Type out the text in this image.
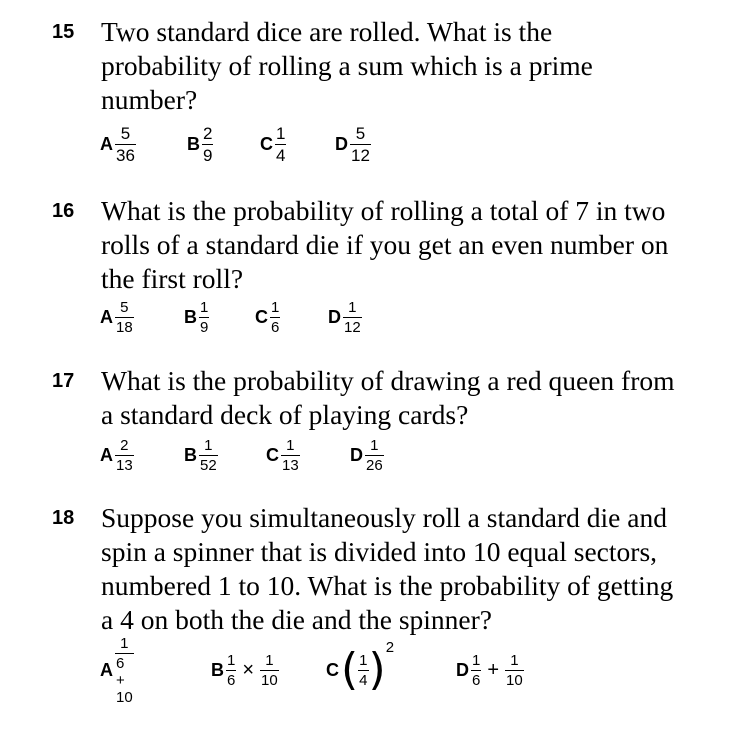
15 Two standard dice are rolled. What is the
probability of rolling a sum which is a prime
number?
A $\frac{5}{36}$	B $\frac{2}{9}$	C $\frac{1}{4}$	D $\frac{5}{12}$
16 What is the probability of rolling a total of 7 in two
rolls of a standard die if you get an even number on
the first roll?
A $\frac{5}{18}$	B $\frac{1}{9}$	C $\frac{1}{6}$	D $\frac{1}{12}$
17 What is the probability of drawing a red queen from
a standard deck of playing cards?
A $\frac{2}{13}$	B $\frac{1}{52}$	C $\frac{1}{13}$	D $\frac{1}{26}$
18 Suppose you simultaneously roll a standard die and
spin a spinner that is divided into 10 equal sectors,
numbered 1 to 10. What is the probability of getting
a 4 on both the die and the spinner?
A $\frac{1}{6 + 10}$	B $\frac{1}{6} \times \frac{1}{10}$	C ( $\frac{1}{4}$ ) 2
D $\frac{1}{6} + \frac{1}{10}$
